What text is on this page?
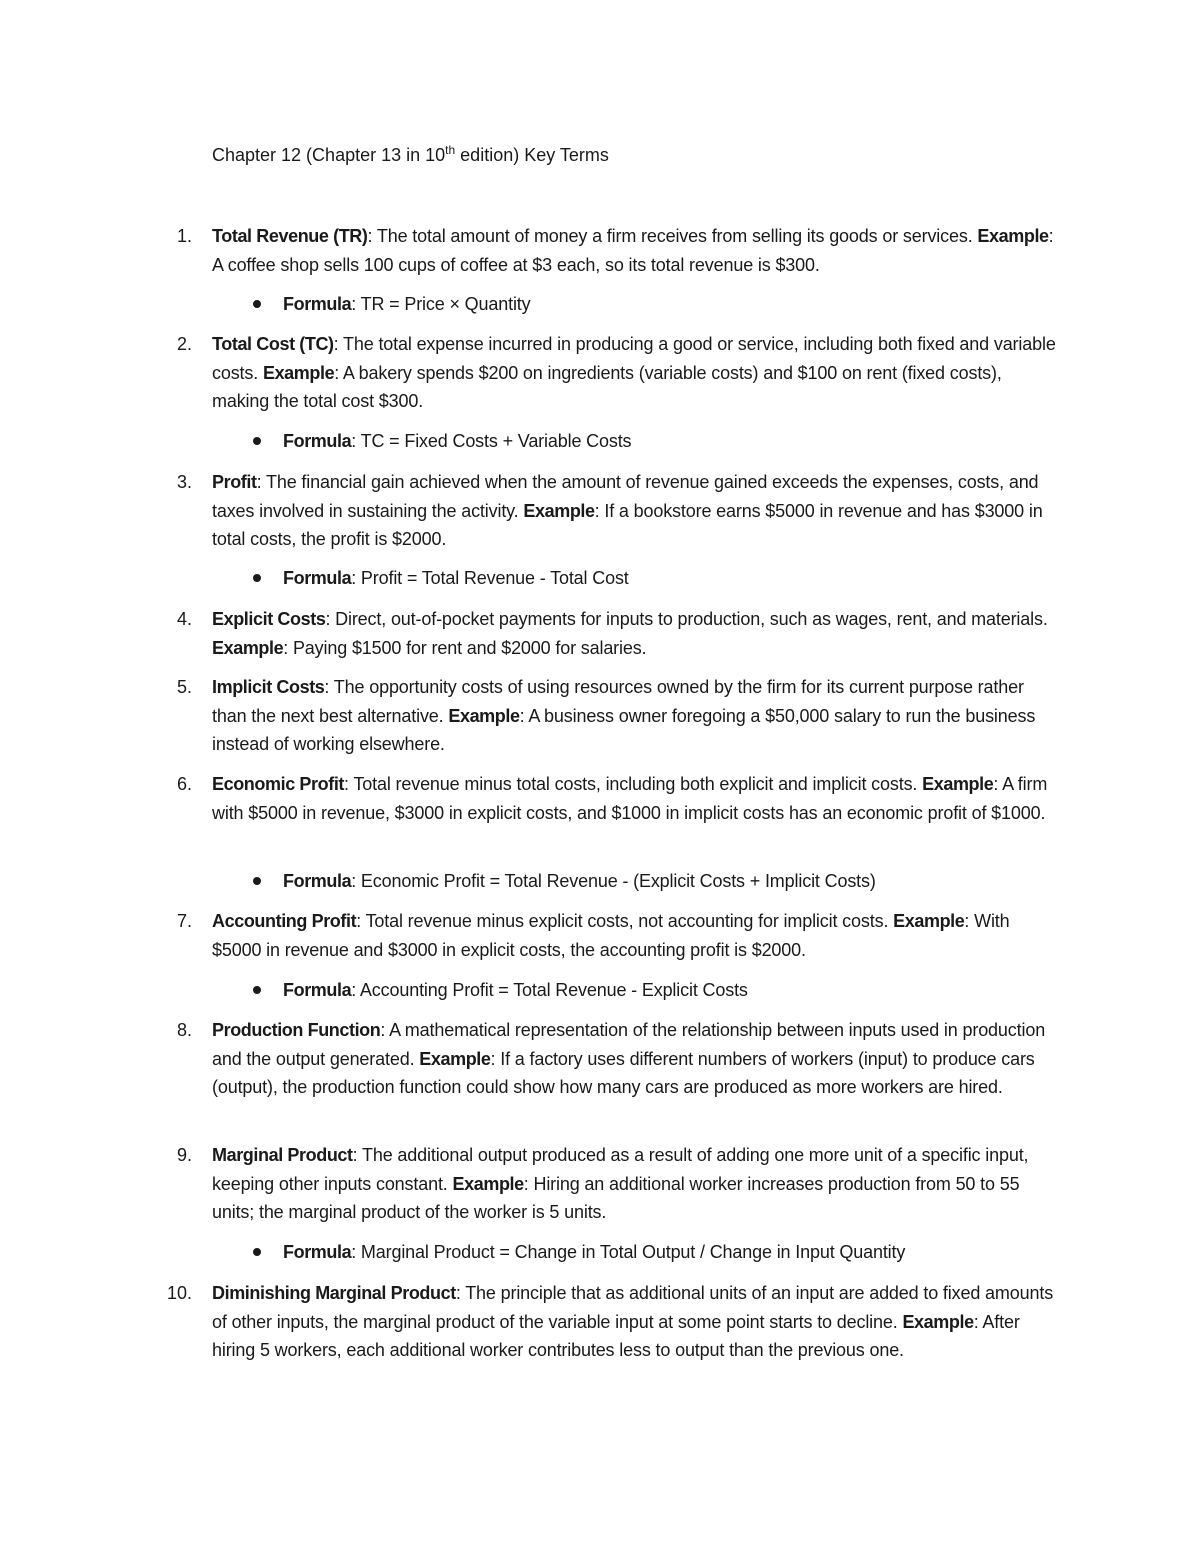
Chapter 12 (Chapter 13 in 10th edition) Key Terms
1. Total Revenue (TR): The total amount of money a firm receives from selling its goods or services. Example: A coffee shop sells 100 cups of coffee at $3 each, so its total revenue is $300.
Formula: TR = Price × Quantity
2. Total Cost (TC): The total expense incurred in producing a good or service, including both fixed and variable costs. Example: A bakery spends $200 on ingredients (variable costs) and $100 on rent (fixed costs), making the total cost $300.
Formula: TC = Fixed Costs + Variable Costs
3. Profit: The financial gain achieved when the amount of revenue gained exceeds the expenses, costs, and taxes involved in sustaining the activity. Example: If a bookstore earns $5000 in revenue and has $3000 in total costs, the profit is $2000.
Formula: Profit = Total Revenue - Total Cost
4. Explicit Costs: Direct, out-of-pocket payments for inputs to production, such as wages, rent, and materials. Example: Paying $1500 for rent and $2000 for salaries.
5. Implicit Costs: The opportunity costs of using resources owned by the firm for its current purpose rather than the next best alternative. Example: A business owner foregoing a $50,000 salary to run the business instead of working elsewhere.
6. Economic Profit: Total revenue minus total costs, including both explicit and implicit costs. Example: A firm with $5000 in revenue, $3000 in explicit costs, and $1000 in implicit costs has an economic profit of $1000.
Formula: Economic Profit = Total Revenue - (Explicit Costs + Implicit Costs)
7. Accounting Profit: Total revenue minus explicit costs, not accounting for implicit costs. Example: With $5000 in revenue and $3000 in explicit costs, the accounting profit is $2000.
Formula: Accounting Profit = Total Revenue - Explicit Costs
8. Production Function: A mathematical representation of the relationship between inputs used in production and the output generated. Example: If a factory uses different numbers of workers (input) to produce cars (output), the production function could show how many cars are produced as more workers are hired.
9. Marginal Product: The additional output produced as a result of adding one more unit of a specific input, keeping other inputs constant. Example: Hiring an additional worker increases production from 50 to 55 units; the marginal product of the worker is 5 units.
Formula: Marginal Product = Change in Total Output / Change in Input Quantity
10. Diminishing Marginal Product: The principle that as additional units of an input are added to fixed amounts of other inputs, the marginal product of the variable input at some point starts to decline. Example: After hiring 5 workers, each additional worker contributes less to output than the previous one.
